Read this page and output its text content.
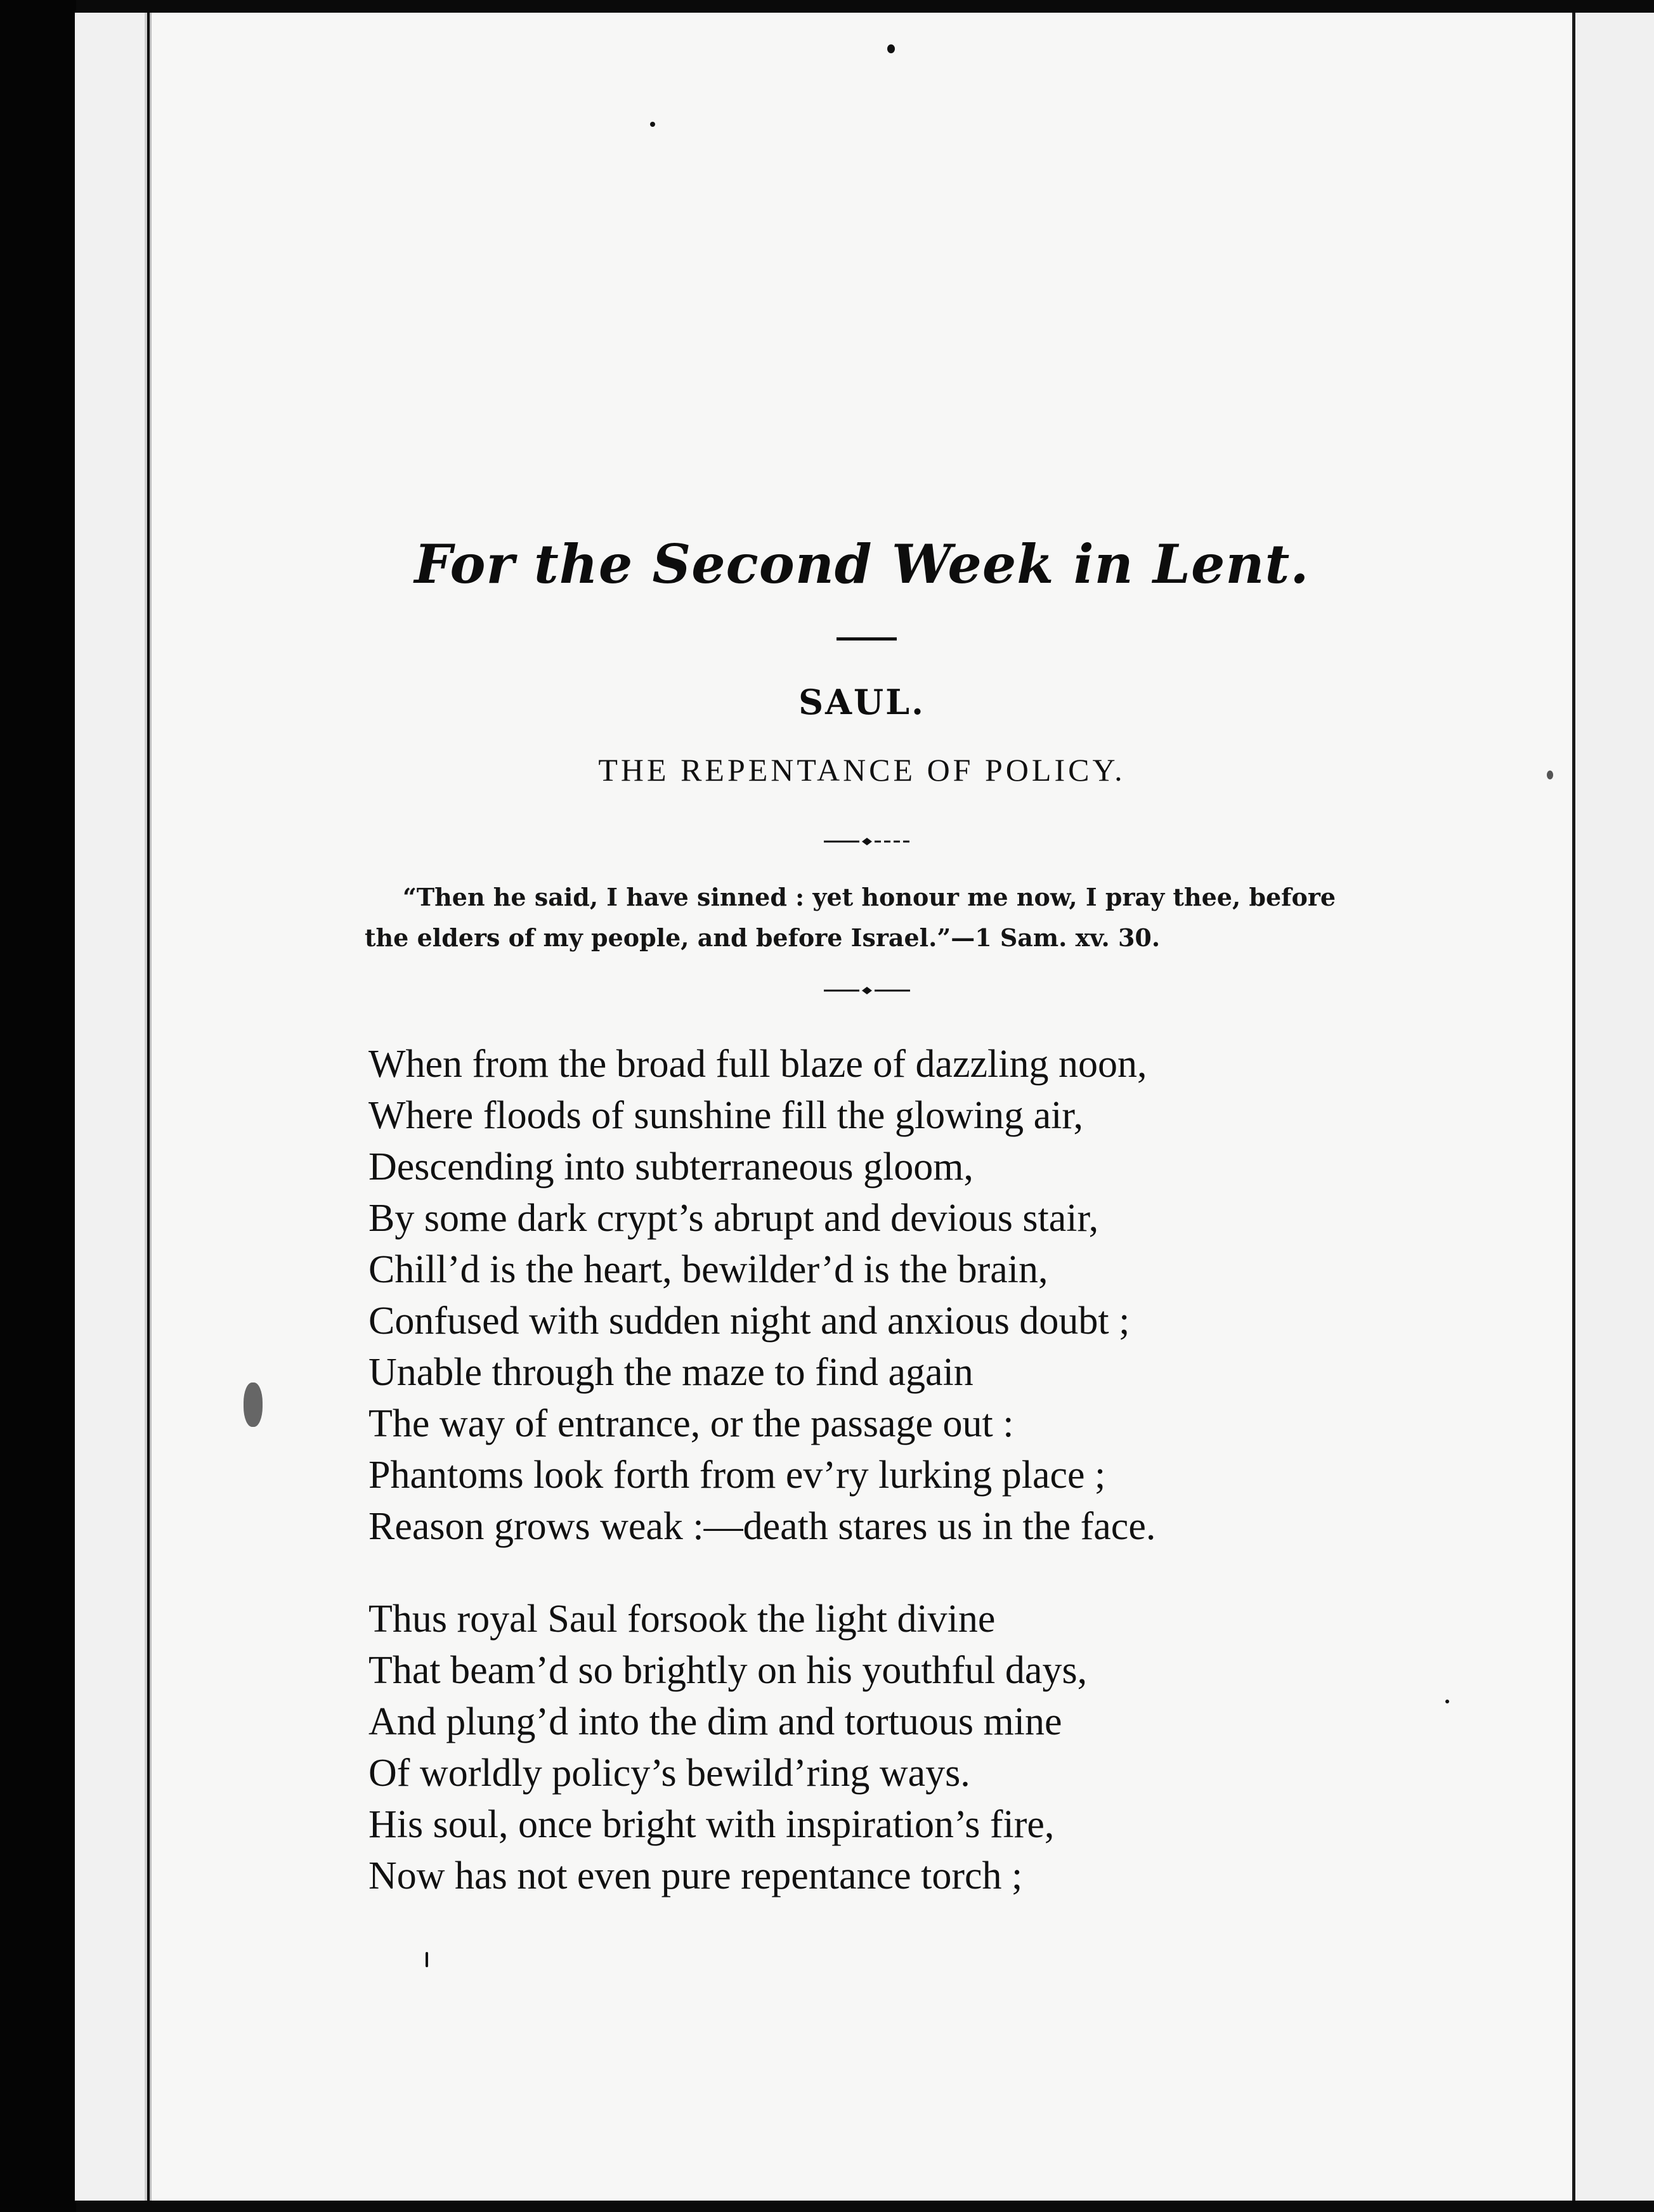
For the Second Week in Lent.
SAUL.
THE REPENTANCE OF POLICY.
“Then he said, I have sinned : yet honour me now, I pray thee, before
the elders of my people, and before Israel.”—1 Sam. xv. 30.
When from the broad full blaze of dazzling noon,
Where floods of sunshine fill the glowing air,
Descending into subterraneous gloom,
By some dark crypt’s abrupt and devious stair,
Chill’d is the heart, bewilder’d is the brain,
Confused with sudden night and anxious doubt ;
Unable through the maze to find again
The way of entrance, or the passage out :
Phantoms look forth from ev’ry lurking place ;
Reason grows weak :—death stares us in the face.
Thus royal Saul forsook the light divine
That beam’d so brightly on his youthful days,
And plung’d into the dim and tortuous mine
Of worldly policy’s bewild’ring ways.
His soul, once bright with inspiration’s fire,
Now has not even pure repentance torch ;
